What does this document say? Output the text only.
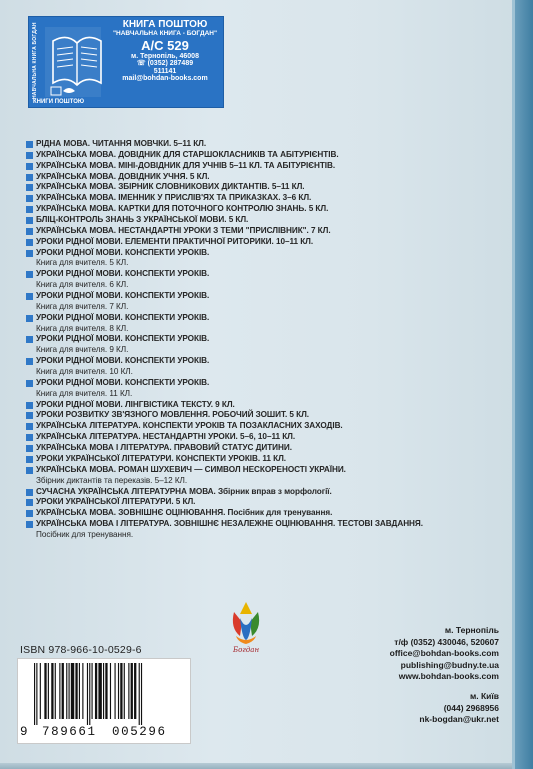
НАВЧАЛЬНА КНИГА БОГДАН
КНИГИ ПОШТОЮ
КНИГА ПОШТОЮ
"НАВЧАЛЬНА КНИГА - БОГДАН"
А/С 529
м. Тернопіль, 46008
☏ (0352) 287489
511141
mail@bohdan-books.com
РІДНА МОВА. ЧИТАННЯ МОВЧКИ. 5–11 КЛ.
УКРАЇНСЬКА МОВА. ДОВІДНИК ДЛЯ СТАРШОКЛАСНИКІВ ТА АБІТУРІЄНТІВ.
УКРАЇНСЬКА МОВА. МІНІ-ДОВІДНИК ДЛЯ УЧНІВ 5–11 КЛ. ТА АБІТУРІЄНТІВ.
УКРАЇНСЬКА МОВА. ДОВІДНИК УЧНЯ. 5 КЛ.
УКРАЇНСЬКА МОВА. ЗБІРНИК СЛОВНИКОВИХ ДИКТАНТІВ. 5–11 КЛ.
УКРАЇНСЬКА МОВА. ІМЕННИК У ПРИСЛІВ'ЯХ ТА ПРИКАЗКАХ. 3–6 КЛ.
УКРАЇНСЬКА МОВА. КАРТКИ ДЛЯ ПОТОЧНОГО КОНТРОЛЮ ЗНАНЬ. 5 КЛ.
БЛІЦ-КОНТРОЛЬ ЗНАНЬ З УКРАЇНСЬКОЇ МОВИ. 5 КЛ.
УКРАЇНСЬКА МОВА. НЕСТАНДАРТНІ УРОКИ З ТЕМИ "ПРИСЛІВНИК". 7 КЛ.
УРОКИ РІДНОЇ МОВИ. ЕЛЕМЕНТИ ПРАКТИЧНОЇ РИТОРИКИ. 10–11 КЛ.
УРОКИ РІДНОЇ МОВИ. КОНСПЕКТИ УРОКІВ.
Книга для вчителя. 5 КЛ.
УРОКИ РІДНОЇ МОВИ. КОНСПЕКТИ УРОКІВ.
Книга для вчителя. 6 КЛ.
УРОКИ РІДНОЇ МОВИ. КОНСПЕКТИ УРОКІВ.
Книга для вчителя. 7 КЛ.
УРОКИ РІДНОЇ МОВИ. КОНСПЕКТИ УРОКІВ.
Книга для вчителя. 8 КЛ.
УРОКИ РІДНОЇ МОВИ. КОНСПЕКТИ УРОКІВ.
Книга для вчителя. 9 КЛ.
УРОКИ РІДНОЇ МОВИ. КОНСПЕКТИ УРОКІВ.
Книга для вчителя. 10 КЛ.
УРОКИ РІДНОЇ МОВИ. КОНСПЕКТИ УРОКІВ.
Книга для вчителя. 11 КЛ.
УРОКИ РІДНОЇ МОВИ. ЛІНГВІСТИКА ТЕКСТУ. 9 КЛ.
УРОКИ РОЗВИТКУ ЗВ'ЯЗНОГО МОВЛЕННЯ. РОБОЧИЙ ЗОШИТ. 5 КЛ.
УКРАЇНСЬКА ЛІТЕРАТУРА. КОНСПЕКТИ УРОКІВ ТА ПОЗАКЛАСНИХ ЗАХОДІВ.
УКРАЇНСЬКА ЛІТЕРАТУРА. НЕСТАНДАРТНІ УРОКИ. 5–6, 10–11 КЛ.
УКРАЇНСЬКА МОВА І ЛІТЕРАТУРА. ПРАВОВИЙ СТАТУС ДИТИНИ.
УРОКИ УКРАЇНСЬКОЇ ЛІТЕРАТУРИ. КОНСПЕКТИ УРОКІВ. 11 КЛ.
УКРАЇНСЬКА МОВА. РОМАН ШУХЕВИЧ — СИМВОЛ НЕСКОРЕНОСТІ УКРАЇНИ.
Збірник диктантів та переказів. 5–12 КЛ.
СУЧАСНА УКРАЇНСЬКА ЛІТЕРАТУРНА МОВА. Збірник вправ з морфології.
УРОКИ УКРАЇНСЬКОЇ ЛІТЕРАТУРИ. 5 КЛ.
УКРАЇНСЬКА МОВА. ЗОВНІШНЄ ОЦІНЮВАННЯ. Посібник для тренування.
УКРАЇНСЬКА МОВА І ЛІТЕРАТУРА. ЗОВНІШНЄ НЕЗАЛЕЖНЕ ОЦІНЮВАННЯ. ТЕСТОВІ ЗАВДАННЯ.
Посібник для тренування.
Богдан
ISBN 978-966-10-0529-6
9 789661 005296
м. Тернопіль
т/ф (0352) 430046, 520607
office@bohdan-books.com
publishing@budny.te.ua
www.bohdan-books.com
м. Київ
(044) 2968956
nk-bogdan@ukr.net
